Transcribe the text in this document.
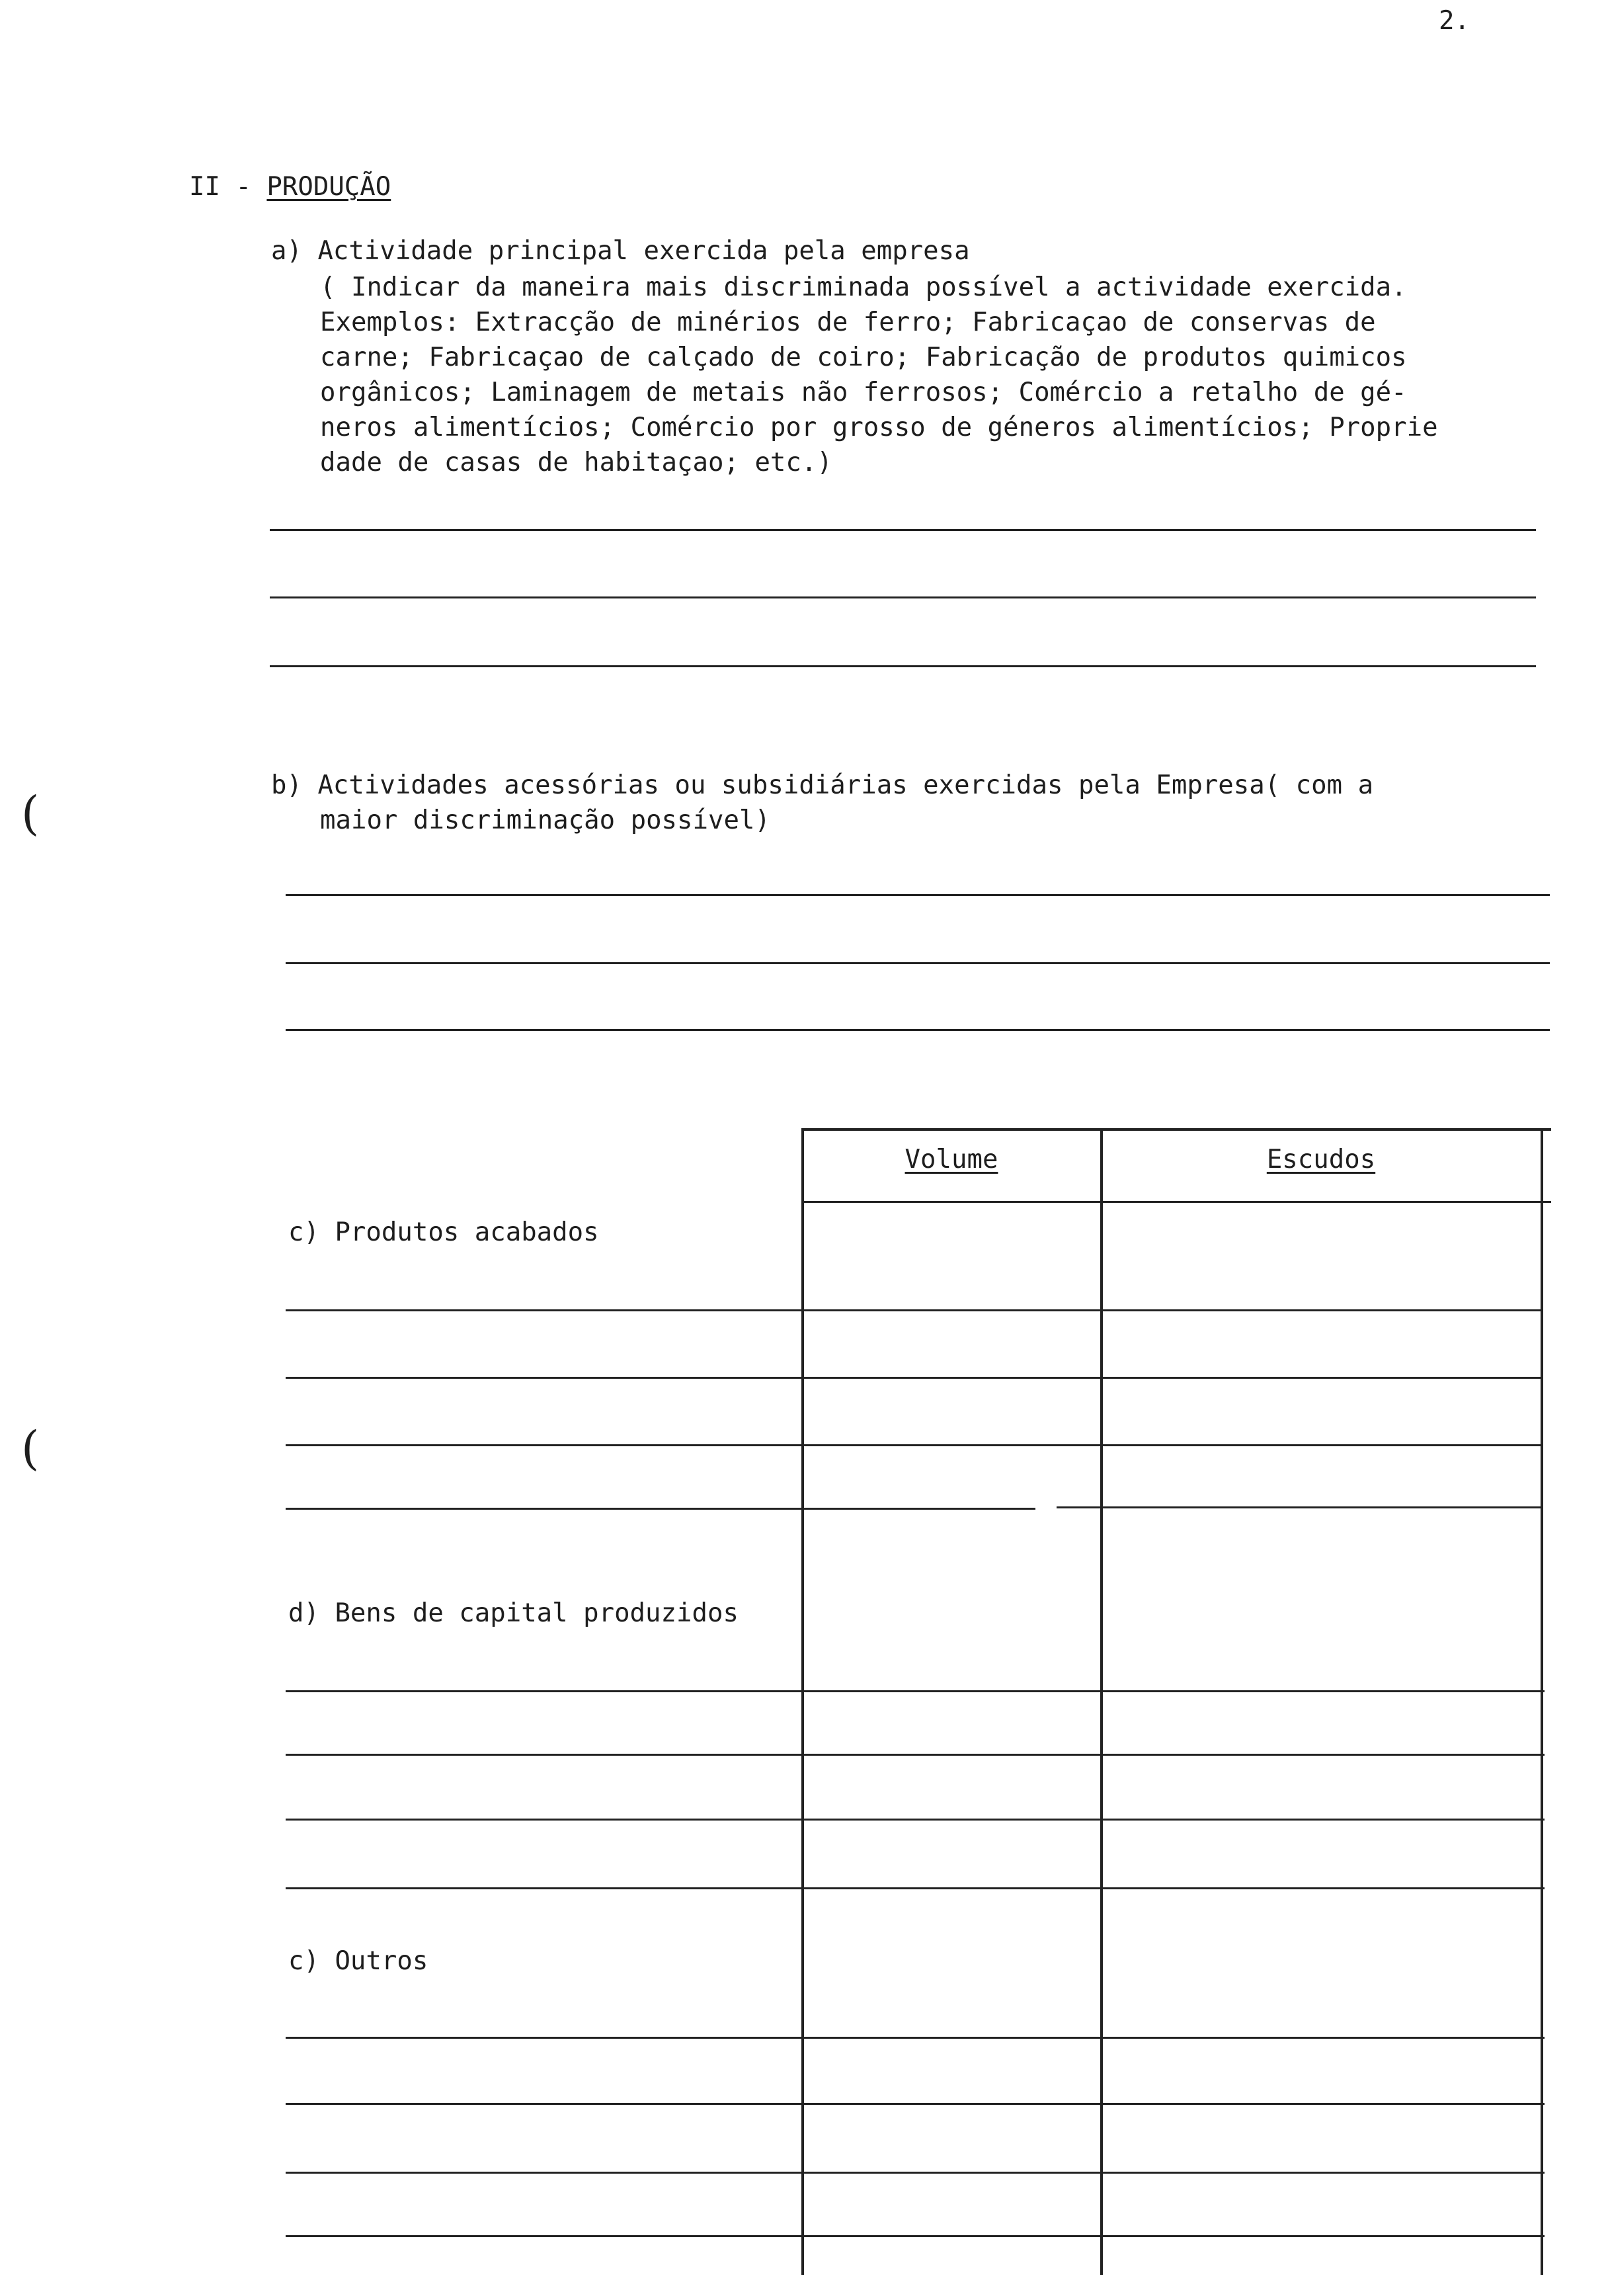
2.
II - PRODUÇÃO
a) Actividade principal exercida pela empresa
( Indicar da maneira mais discriminada possível a actividade exercida.
Exemplos: Extracção de minérios de ferro; Fabricaçao de conservas de
carne; Fabricaçao de calçado de coiro; Fabricação de produtos quimicos
orgânicos; Laminagem de metais não ferrosos; Comércio a retalho de gé-
neros alimentícios; Comércio por grosso de géneros alimentícios; Proprie
dade de casas de habitaçao; etc.)
(
(
b) Actividades acessórias ou subsidiárias exercidas pela Empresa( com a
maior discriminação possível)
Volume	Escudos
c) Produtos acabados
d) Bens de capital produzidos
c) Outros
